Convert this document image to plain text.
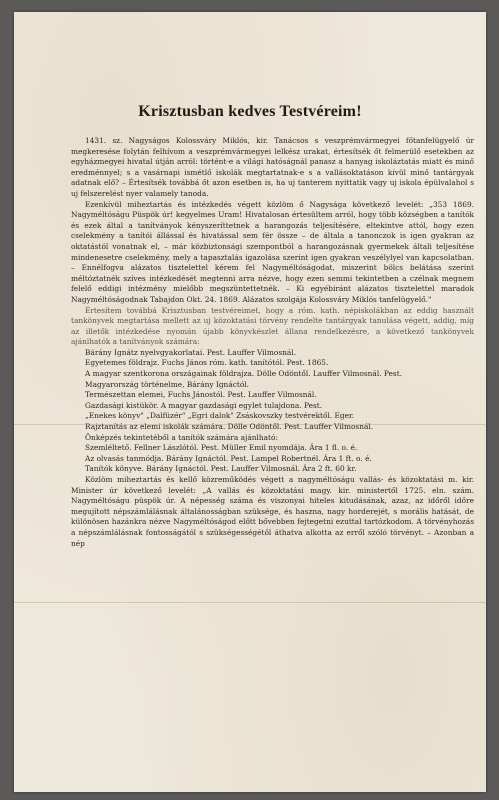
Krisztusban kedves Testvéreim!

1431. sz. Nagyságos Kolossváry Miklós, kir. Tanácsos s veszprémvármegyei főtanfelügyelő úr megkeresése folytán felhívom a veszprémvármegyei lelkész urakat, értesítsék őt felmerülő esetekben az egyházmegyei hivatal útján arról: történt-e a világi hatóságnál panasz a hanyag iskoláztatás miatt és minő eredménnyel; s a vasárnapi ismétlő iskolák megtartatnak-e s a vallásoktatáson kívül minő tantárgyak adatnak elő? – Értesítsék továbbá őt azon esetben is, ha uj tanterem nyittatik vagy uj iskola épülvalahol s uj felszerelést nyer valamely tanoda.

Ezenkívül miheztartás és intézkedés végett közlöm ő Nagysága következő levelét: „353 1869. Nagyméltóságu Püspök úr! kegyelmes Uram! Hivatalosan értesültem arról, hogy több községben a tanítók és ezek által a tanítványok kényszeríttetnek a harangozás teljesítésére, eltekintve attól, hogy ezen cselekmény a tanítói állással és hivatással sem fér össze – de általa a tanonczok is igen gyakran az oktatástól vonatnak el, – már közbiztonsági szempontból a harangozásnak gyermekek általi teljesítése mindenesetre cselekmény, mely a tapasztalás igazolása szerint igen gyakran veszélylyel van kapcsolatban. – Ennélfogva alázatos tisztelettel kérem fel Nagyméltóságodat, miszerint bölcs belátása szerint méltóztatnék szíves intézkedését megtenni arra nézve, hogy ezen semmi tekintetben a czélnak megnem felelő eddigi intézmény mielőbb megszüntettetnék. – Ki egyébiránt alázatos tisztelettel maradok Nagyméltóságodnak Tabajdon Okt. 24. 1869. Alázatos szolgája Kolossváry Miklós tanfelügyelő."

Értesítem továbbá Krisztusban testvéreimet, hogy a róm. kath. népiskolákban az eddig használt tankönyvek megtartása mellett az uj közoktatási törvény rendelte tantárgyak tanulása végett, addig, míg az illetők intézkedése nyomán újabb könyvkészlet állana rendelkezésre, a következő tankönyvek ajánlhatók a tanítványok számára:

Bárány Ignátz nyelvgyakorlatai. Pest. Lauffer Vilmosnál.

Egyetemes földrajz. Fuchs János róm. kath. tanítótól. Pest. 1865.

A magyar szentkorona országainak földrajza. Dölle Odöntől. Lauffer Vilmosnál. Pest.

Magyarország történelme, Bárány Ignáctól.

Természettan elemei, Fuchs Jánostól. Pest. Lauffer Vilmosnál.

Gazdasági kistükör. A magyar gazdasági egylet tulajdona. Pest.

„Enekes könyv" „Dalfüzér" „Egri dalok" Zsáskovszky testvérektől. Eger.

Rajztanítás az elemi iskolák számára. Dölle Odöntől. Pest. Lauffer Vilmosnál.

Önképzés tekintetéből a tanítók számára ajánlható:

Szemléltető. Fellner Lászlótól. Pest. Müller Emil nyomdája. Ára 1 fl. o. é.

Az olvasás tanmódja. Bárány Ignáctól. Pest. Lampel Robertnél. Ára 1 ft. o. é.

Tanítók könyve. Bárány Ignáctól. Pest. Lauffer Vilmosnál. Ára 2 ft. 60 kr.

Közlöm miheztartás és kellő közreműködés végett a nagyméltóságu vallás- és közoktatási m. kir. Minister úr következő levelét: „A vallás és közoktatási magy. kir. ministertől 1725. eln. szám. Nagyméltóságu püspök úr. A népesség száma és viszonyai hiteles kitudásának, azaz, az időről időre megujított népszámlálásnak általánosságban szüksége, és haszna, nagy horderejét, s morális hatását, de különösen hazánkra nézve Nagyméltóságod előtt bővebben fejtegetni ezuttal tartózkodom. A törvényhozás a népszámlálásnak fontosságától s szükségességétől áthatva alkotta az erről szóló törvényt. – Azonban a nép
